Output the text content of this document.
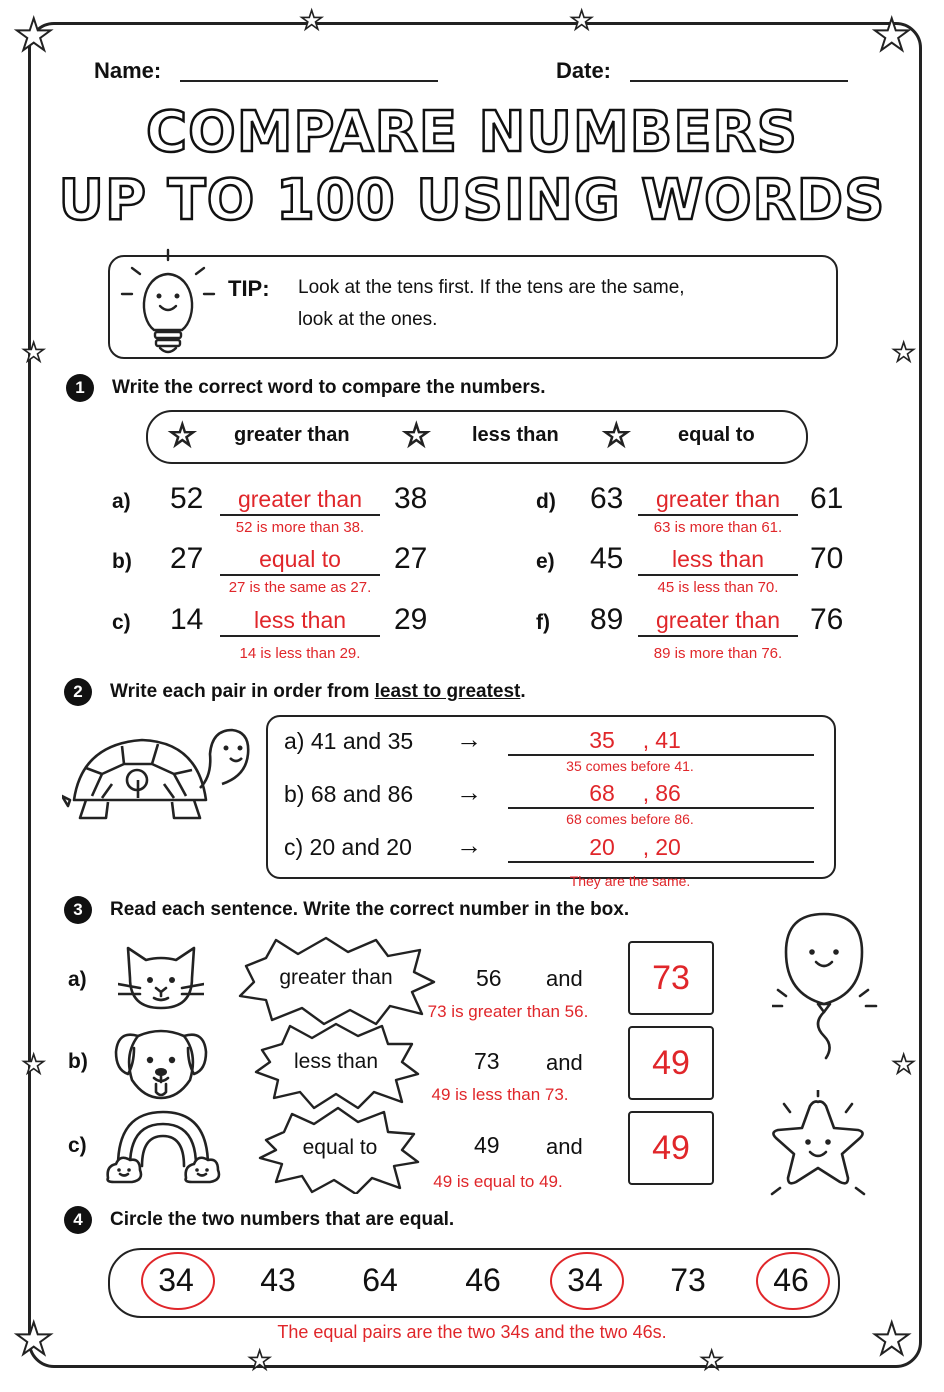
★	★
★	★
★	★
★	★
★	★
★	★
Name:	Date:
COMPARE NUMBERS
UP TO 100 USING WORDS
TIP: Look at the tens first. If the tens are the same,
look at the ones.
1	Write the correct word to compare the numbers.
☆ greater than ☆ less than ☆ equal to
a) 52	greater than	38
52 is more than 38.
b) 27	equal to	27
27 is the same as 27.
c) 14	less than	29
14 is less than 29.
d) 63	greater than 61
63 is more than 61.
e) 45	less than	70
45 is less than 70.
f) 89	greater than 76
89 is more than 76.
2	Write each pair in order from least to greatest.
a) 41 and 35 →	35	, 41
35 comes before 41.
b) 68 and 86 →	68	, 86
68 comes before 86.
c) 20 and 20 →	20	, 20
They are the same.
3	Read each sentence. Write the correct number in the box.
a)	greater than	56 and	73
73 is greater than 56.
b)	less than	73 and	49
49 is less than 73.
c)	equal to	49 and	49
49 is equal to 49.
4	Circle the two numbers that are equal.
34	43	64	46	34	73	46
The equal pairs are the two 34s and the two 46s.
